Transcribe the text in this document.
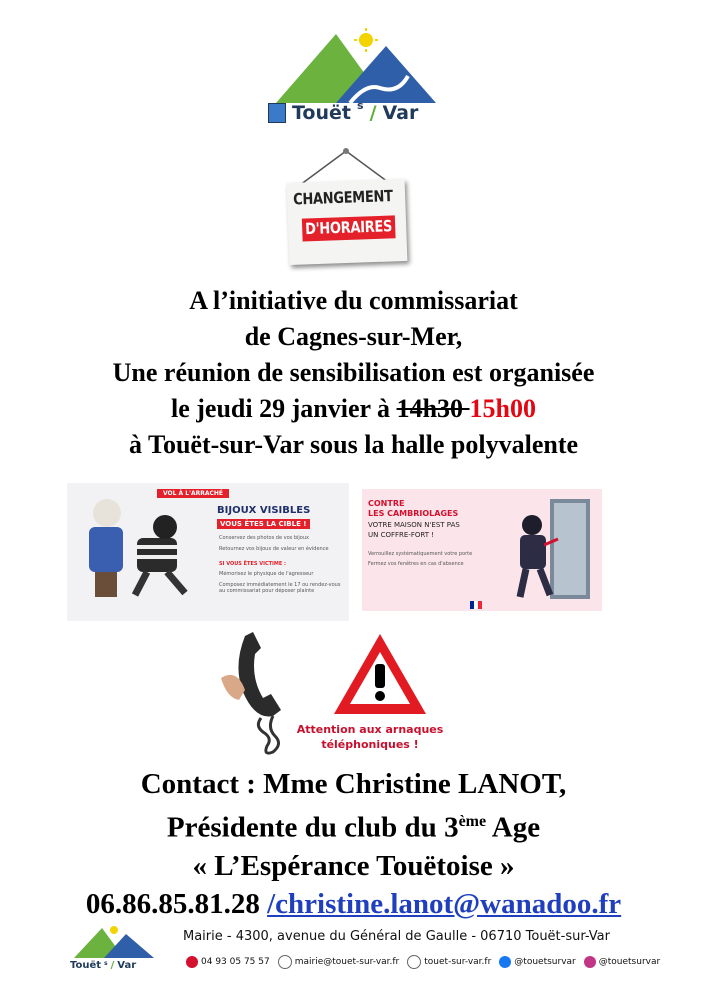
Touët s / Var
CHANGEMENT
D'HORAIRES
A l’initiative du commissariat
de Cagnes-sur-Mer,
Une réunion de sensibilisation est organisée
le jeudi 29 janvier à 14h30 15h00
à Touët-sur-Var sous la halle polyvalente
VOL À L'ARRACHÉ
BIJOUX VISIBLES
VOUS ÊTES LA CIBLE !
Conservez des photos de vos bijoux
Retournez vos bijoux de valeur en évidence
SI VOUS ÊTES VICTIME :
Mémorisez le physique de l'agresseur
Composez immédiatement le 17 ou rendez-vous au commissariat pour déposer plainte
CONTRE
LES CAMBRIOLAGES
VOTRE MAISON N'EST PAS
UN COFFRE-FORT !
Verrouillez systématiquement votre porte
Fermez vos fenêtres en cas d'absence
Attention aux arnaques
téléphoniques !
Contact : Mme Christine LANOT,
Présidente du club du 3ème Age
« L’Espérance Touëtoise »
06.86.85.81.28 /christine.lanot@wanadoo.fr
Touët s / Var
Mairie - 4300, avenue du Général de Gaulle - 06710 Touët-sur-Var
04 93 05 75 57	mairie@touet-sur-var.fr	touet-sur-var.fr	@touetsurvar	@touetsurvar
